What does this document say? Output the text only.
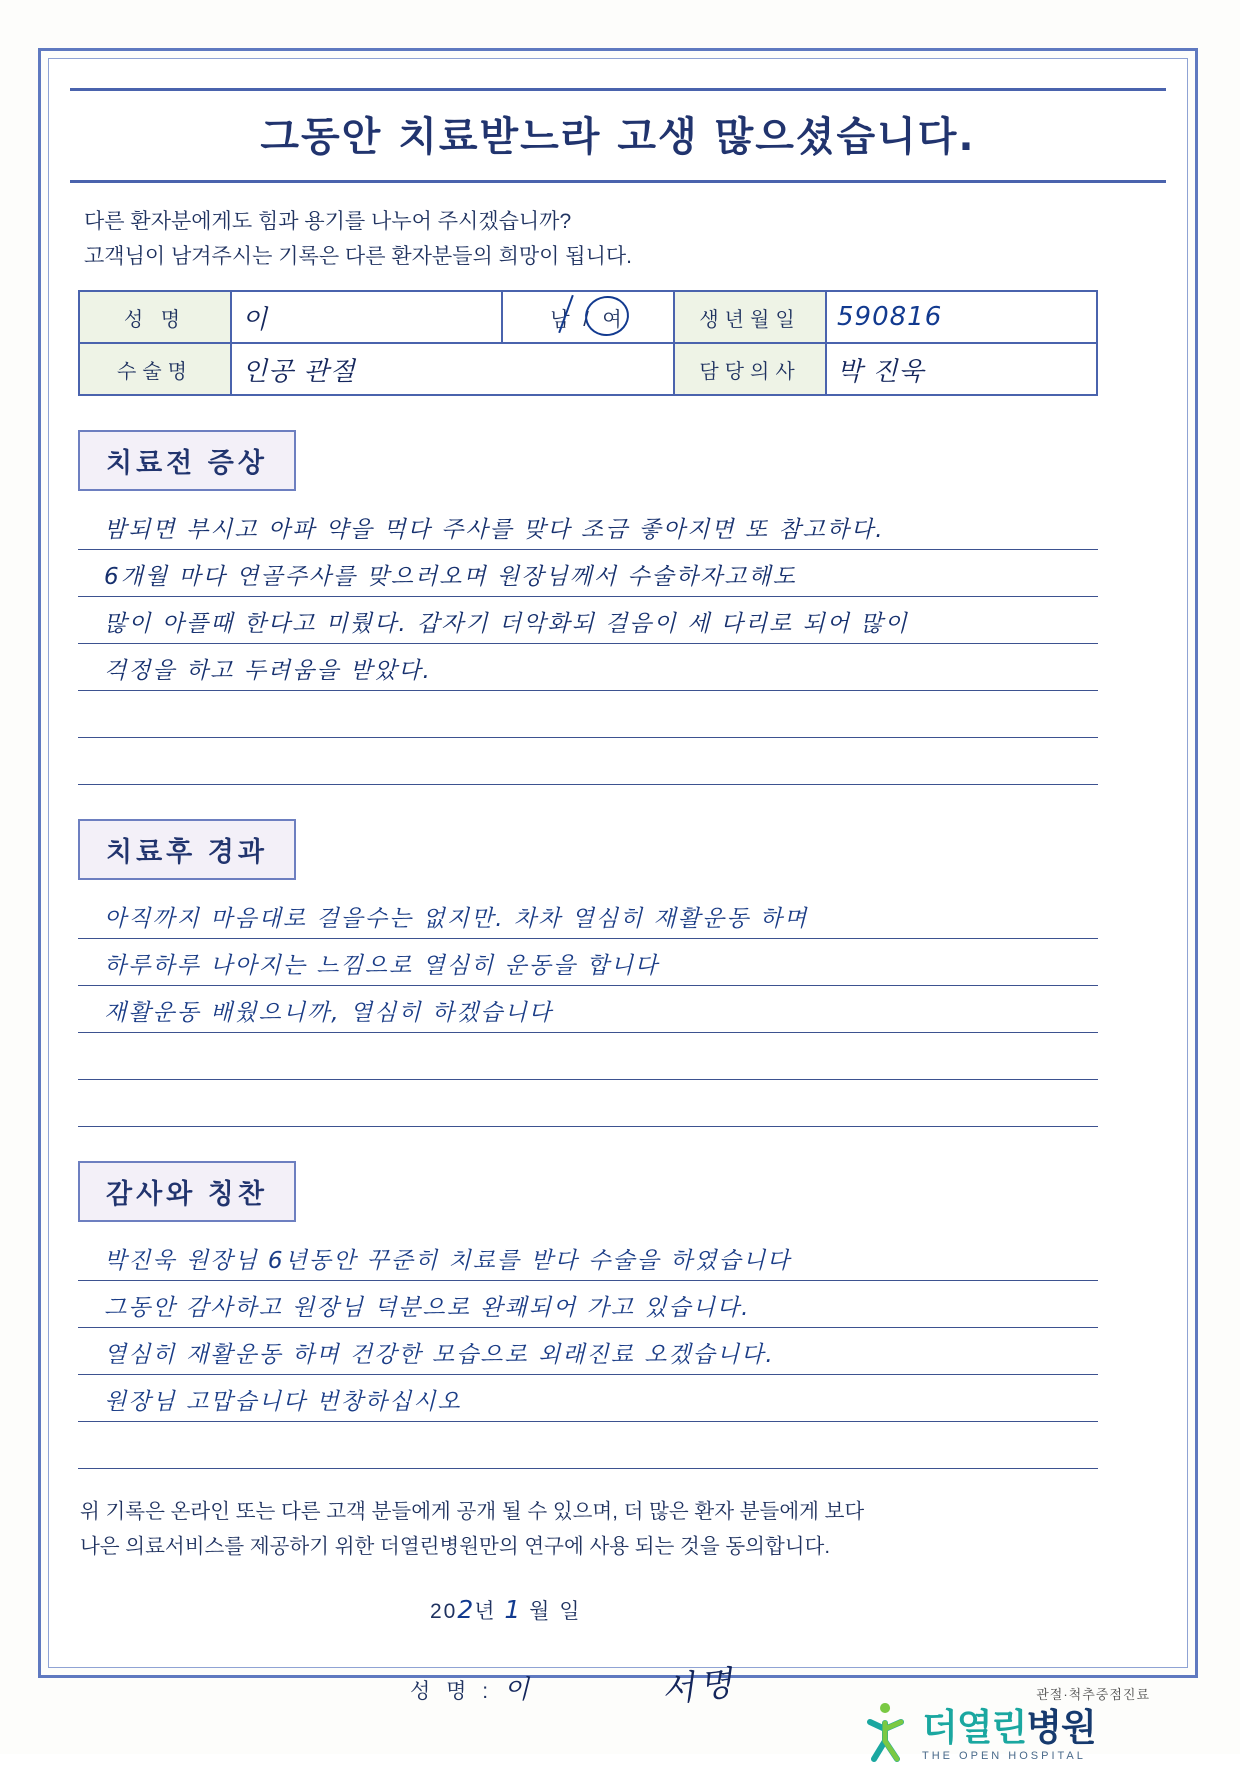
그동안 치료받느라 고생 많으셨습니다.
다른 환자분에게도 힘과 용기를 나누어 주시겠습니까?
고객님이 남겨주시는 기록은 다른 환자분들의 희망이 됩니다.
성 명	이	남 / 여	생년월일	590816
수술명	인공 관절		담당의사	박 진욱
치료전 증상
밤되면 부시고 아파 약을 먹다 주사를 맞다 조금 좋아지면 또 참고하다.
6개월 마다 연골주사를 맞으러오며 원장님께서 수술하자고해도
많이 아플때 한다고 미뤘다. 갑자기 더악화되 걸음이 세 다리로 되어 많이
걱정을 하고 두려움을 받았다.
치료후 경과
아직까지 마음대로 걸을수는 없지만. 차차 열심히 재활운동 하며
하루하루 나아지는 느낌으로 열심히 운동을 합니다
재활운동 배웠으니까, 열심히 하겠습니다
감사와 칭찬
박진욱 원장님 6년동안 꾸준히 치료를 받다 수술을 하였습니다
그동안 감사하고 원장님 덕분으로 완쾌되어 가고 있습니다.
열심히 재활운동 하며 건강한 모습으로 외래진료 오겠습니다.
원장님 고맙습니다 번창하십시오
위 기록은 온라인 또는 다른 고객 분들에게 공개 될 수 있으며, 더 많은 환자 분들에게 보다
나은 의료서비스를 제공하기 위한 더열린병원만의 연구에 사용 되는 것을 동의합니다.
202년 1 월 일
성 명 : 이	서명	관절·척추중점진료
더열린병원
THE OPEN HOSPITAL
